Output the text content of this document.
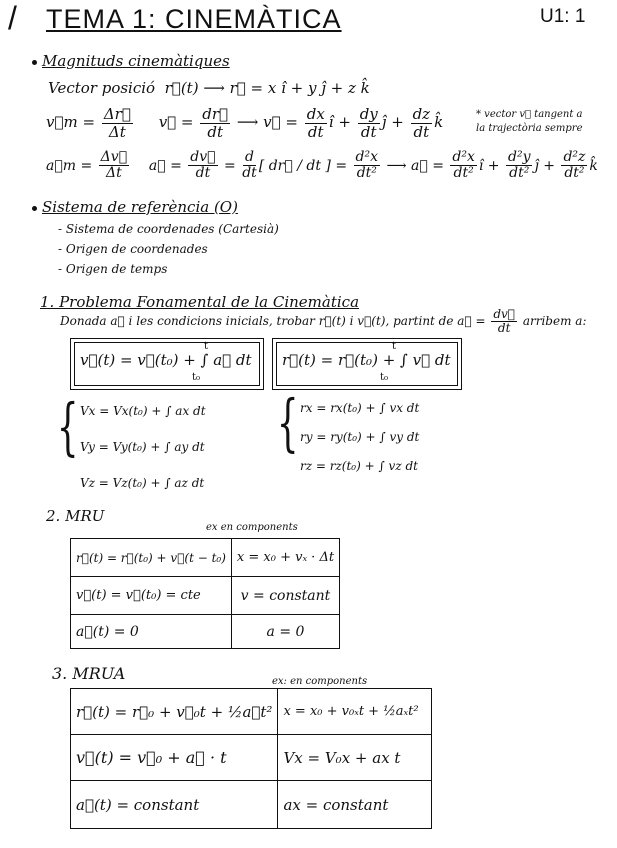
/ TEMA 1: CINEMÀTICA	U1: 1
Magnituds cinemàtiques
Vector posició r⃗(t) ⟶ r⃗ = x î + y ĵ + z k̂
v⃗m = $\frac{\Delta r⃗}{\Delta t}$ v⃗ = $\frac{dr⃗}{dt}$ ⟶ v⃗ = $\frac{dx}{dt}$ î + $\frac{dy}{dt}$ ĵ + $\frac{dz}{dt}$ k̂	* vector v⃗ tangent a
la trajectòria sempre
a⃗m = $\frac{\Delta v⃗}{\Delta t}$ a⃗ = $\frac{dv⃗}{dt} = \frac{d}{dt}$ [ dr⃗ / dt ] = $\frac{\text{d²x}}{\text{dt²}}$ ⟶ a⃗ = $\frac{\text{d²x}}{\text{dt²}}$ î + $\frac{\text{d²y}}{\text{dt²}}$ ĵ + $\frac{\text{d²z}}{\text{dt²}}$ k̂
Sistema de referència (O)
- Sistema de coordenades (Cartesià)
- Origen de coordenades
- Origen de temps
1. Problema Fonamental de la Cinemàtica
Donada a⃗ i les condicions inicials, trobar r⃗(t) i v⃗(t), partint de a⃗ = $\frac{dv⃗}{dt}$ arribem a:
v⃗(t) = v⃗(t₀) + ∫ a⃗ dt
t
t₀
r⃗(t) = r⃗(t₀) + ∫ v⃗ dt
t
t₀
{ Vx = Vx(t₀) + ∫ ax dt
Vy = Vy(t₀) + ∫ ay dt
Vz = Vz(t₀) + ∫ az dt
{ rx = rx(t₀) + ∫ vx dt
ry = ry(t₀) + ∫ vy dt
rz = rz(t₀) + ∫ vz dt
2. MRU
ex en components
r⃗(t) = r⃗(t₀) + v⃗(t − t₀)	x = x₀ + vₓ · Δt
v⃗(t) = v⃗(t₀) = cte	v = constant
a⃗(t) = 0	a = 0
3. MRUA	ex: en components
r⃗(t) = r⃗₀ + v⃗₀t + ½a⃗t²	x = x₀ + v₀ₓt + ½aₓt²
v⃗(t) = v⃗₀ + a⃗ · t	Vx = V₀x + ax t
a⃗(t) = constant	ax = constant
